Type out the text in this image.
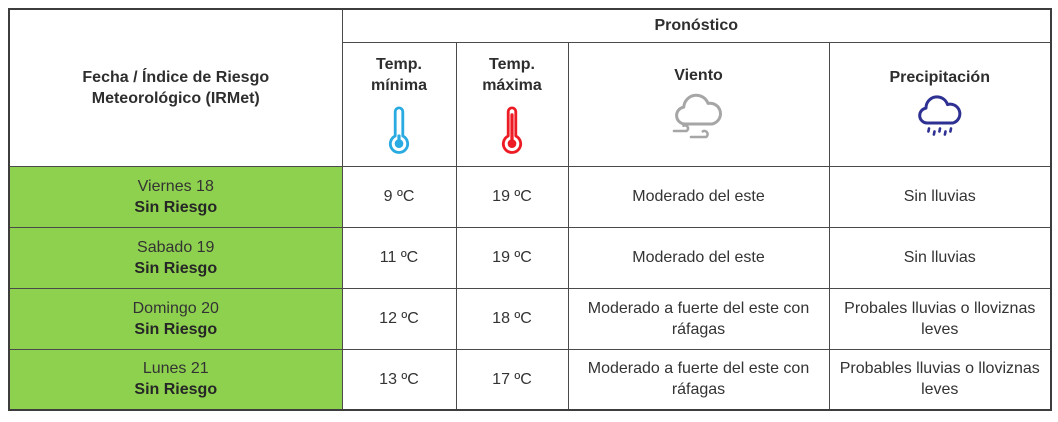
Fecha / Índice de Riesgo Meteorológico (IRMet)	Pronóstico			

	Temp. mínima	Temp. máxima	Viento	Precipitación

Viernes 18
Sin Riesgo	9 ºC	19 ºC	Moderado del este	Sin lluvias

Sabado 19
Sin Riesgo	11 ºC	19 ºC	Moderado del este	Sin lluvias

Domingo 20
Sin Riesgo	12 ºC	18 ºC	Moderado a fuerte del este con ráfagas	Probales lluvias o lloviznas leves

Lunes 21
Sin Riesgo	13 ºC	17 ºC	Moderado a fuerte del este con ráfagas	Probables lluvias o lloviznas leves
